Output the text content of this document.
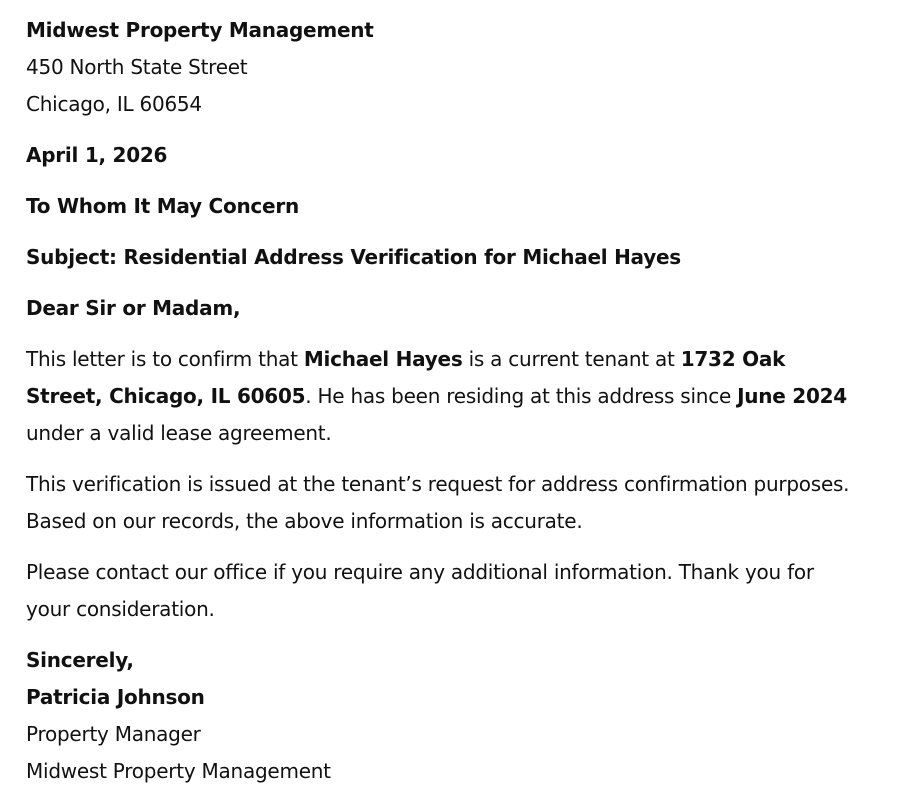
Midwest Property Management
450 North State Street
Chicago, IL 60654
April 1, 2026
To Whom It May Concern
Subject: Residential Address Verification for Michael Hayes
Dear Sir or Madam,

This letter is to confirm that Michael Hayes is a current tenant at 1732 Oak Street, Chicago, IL 60605. He has been residing at this address since June 2024 under a valid lease agreement.

This verification is issued at the tenant’s request for address confirmation purposes. Based on our records, the above information is accurate.

Please contact our office if you require any additional information. Thank you for your consideration.

Sincerely,
Patricia Johnson
Property Manager
Midwest Property Management
